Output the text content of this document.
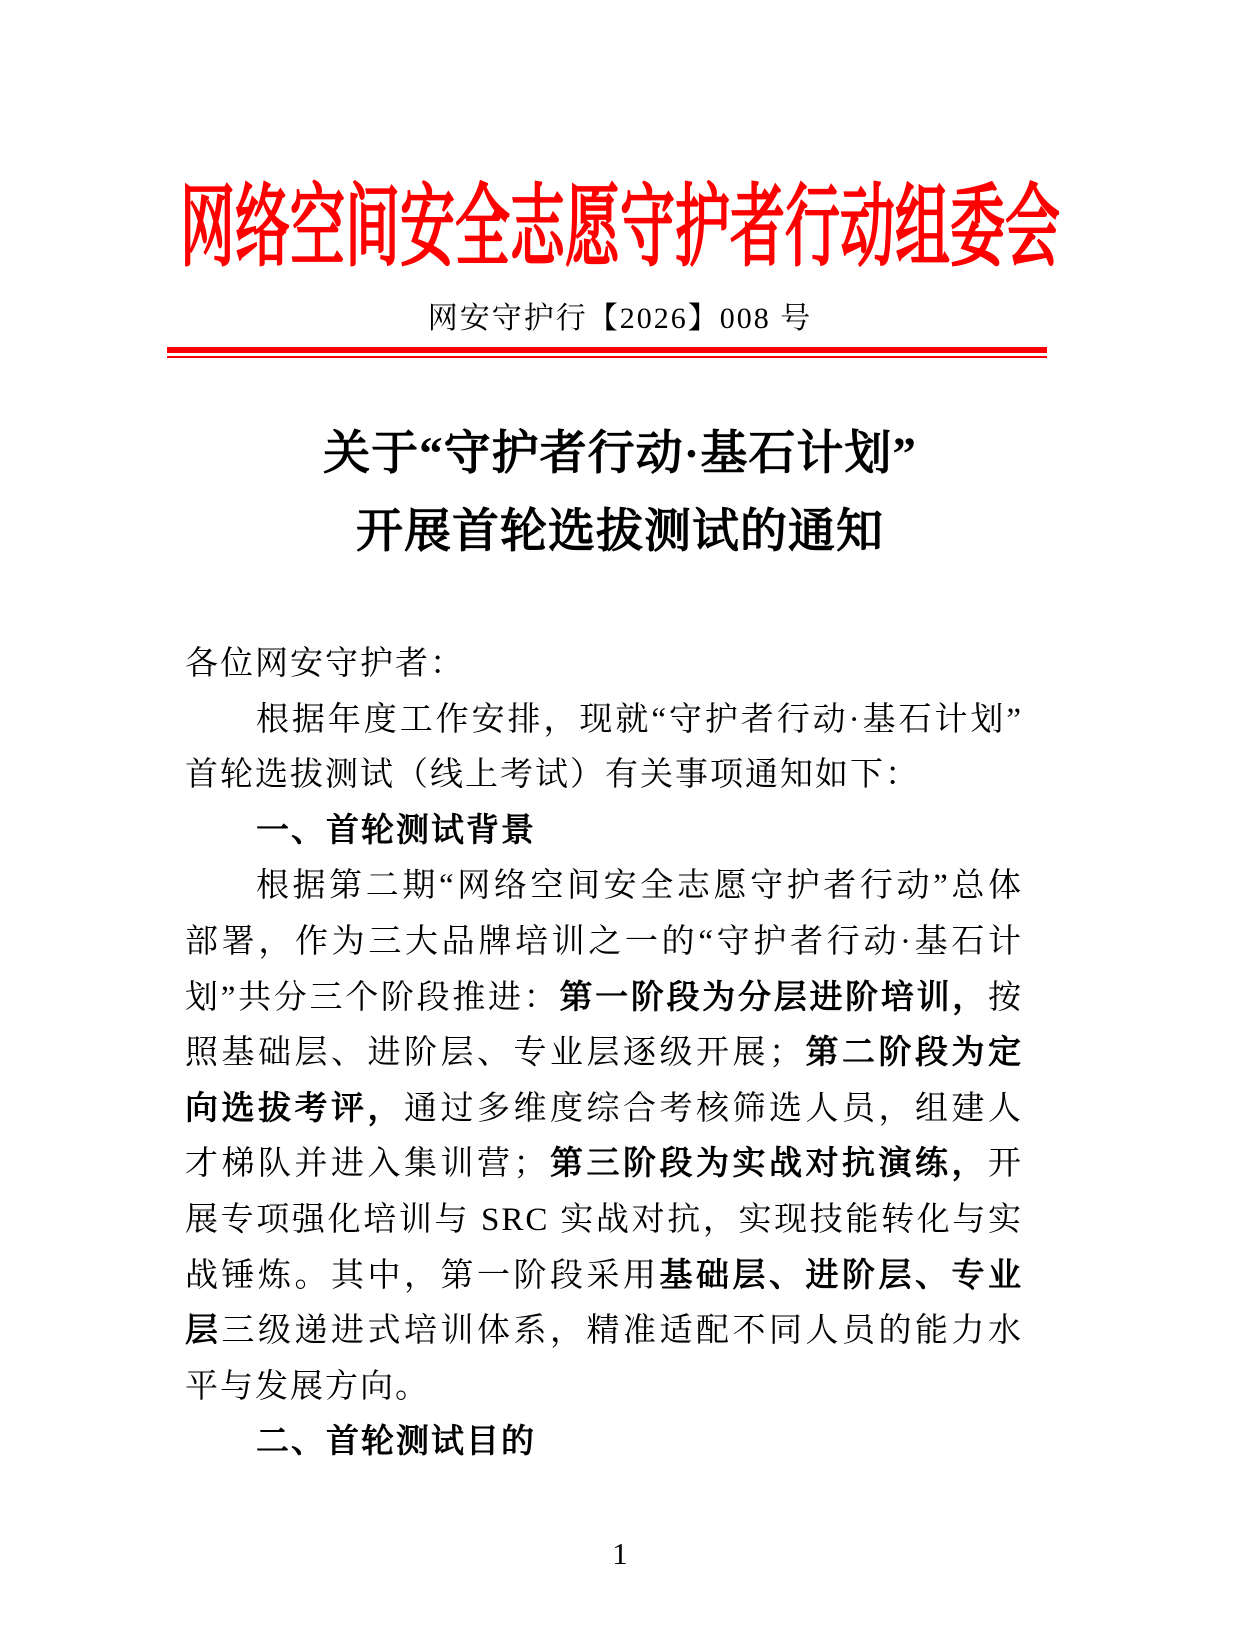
网络空间安全志愿守护者行动组委会
网安守护行【2026】008 号
关于“守护者行动·基石计划”
开展首轮选拔测试的通知

各位网安守护者：

根据年度工作安排，现就“守护者行动·基石计划”首轮选拔测试（线上考试）有关事项通知如下：

一、首轮测试背景

根据第二期“网络空间安全志愿守护者行动”总体部署，作为三大品牌培训之一的“守护者行动·基石计划”共分三个阶段推进：第一阶段为分层进阶培训，按照基础层、进阶层、专业层逐级开展；第二阶段为定向选拔考评，通过多维度综合考核筛选人员，组建人才梯队并进入集训营；第三阶段为实战对抗演练，开展专项强化培训与 SRC 实战对抗，实现技能转化与实战锤炼。其中，第一阶段采用基础层、进阶层、专业层三级递进式培训体系，精准适配不同人员的能力水平与发展方向。

二、首轮测试目的

1
